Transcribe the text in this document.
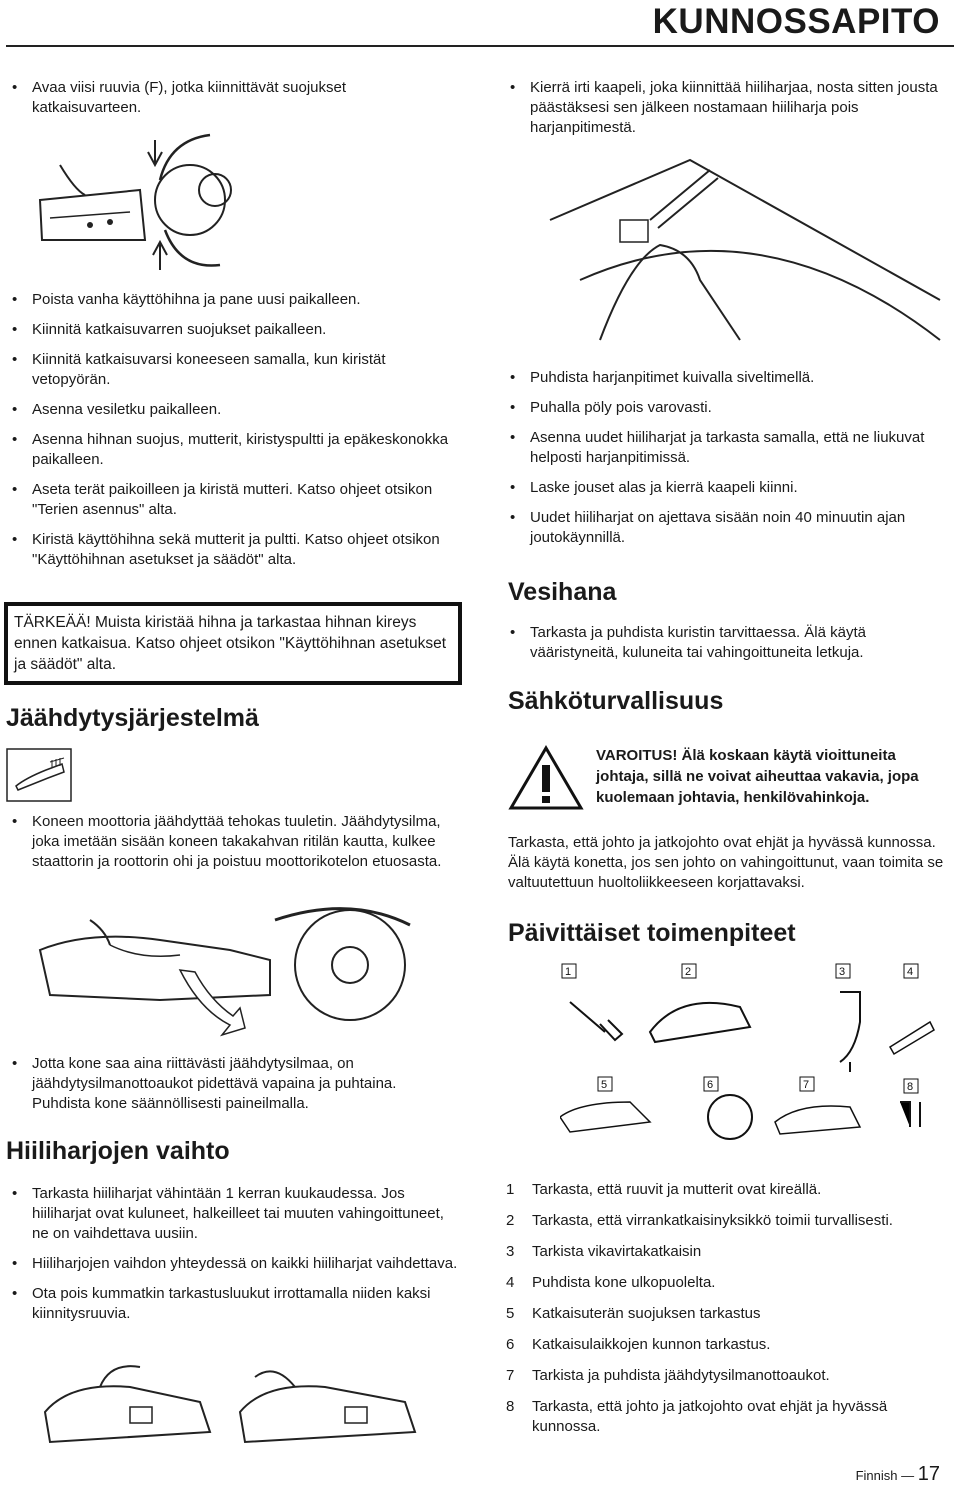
KUNNOSSAPITO
• Avaa viisi ruuvia (F), jotka kiinnittävät suojukset katkaisuvarteen.
• Poista vanha käyttöhihna ja pane uusi paikalleen.
• Kiinnitä katkaisuvarren suojukset paikalleen.
• Kiinnitä katkaisuvarsi koneeseen samalla, kun kiristät vetopyörän.
• Asenna vesiletku paikalleen.
• Asenna hihnan suojus, mutterit, kiristyspultti ja epäkeskonokka paikalleen.
• Aseta terät paikoilleen ja kiristä mutteri. Katso ohjeet otsikon "Terien asennus" alta.
• Kiristä käyttöhihna sekä mutterit ja pultti. Katso ohjeet otsikon "Käyttöhihnan asetukset ja säädöt" alta.
TÄRKEÄÄ! Muista kiristää hihna ja tarkastaa hihnan kireys ennen katkaisua. Katso ohjeet otsikon "Käyttöhihnan asetukset ja säädöt" alta.
Jäähdytysjärjestelmä
• Koneen moottoria jäähdyttää tehokas tuuletin. Jäähdytysilma, joka imetään sisään koneen takakahvan ritilän kautta, kulkee staattorin ja roottorin ohi ja poistuu moottorikotelon etuosasta.
• Jotta kone saa aina riittävästi jäähdytysilmaa, on jäähdytysilmanottoaukot pidettävä vapaina ja puhtaina. Puhdista kone säännöllisesti paineilmalla.
Hiiliharjojen vaihto
• Tarkasta hiiliharjat vähintään 1 kerran kuukaudessa. Jos hiiliharjat ovat kuluneet, halkeilleet tai muuten vahingoittuneet, ne on vaihdettava uusiin.
• Hiiliharjojen vaihdon yhteydessä on kaikki hiiliharjat vaihdettava.
• Ota pois kummatkin tarkastusluukut irrottamalla niiden kaksi kiinnitysruuvia.
• Kierrä irti kaapeli, joka kiinnittää hiiliharjaa, nosta sitten jousta päästäksesi sen jälkeen nostamaan hiiliharja pois harjanpitimestä.
• Puhdista harjanpitimet kuivalla siveltimellä.
• Puhalla pöly pois varovasti.
• Asenna uudet hiiliharjat ja tarkasta samalla, että ne liukuvat helposti harjanpitimissä.
• Laske jouset alas ja kierrä kaapeli kiinni.
• Uudet hiiliharjat on ajettava sisään noin 40 minuutin ajan joutokäynnillä.
Vesihana
• Tarkasta ja puhdista kuristin tarvittaessa. Älä käytä vääristyneitä, kuluneita tai vahingoittuneita letkuja.
Sähköturvallisuus
VAROITUS! Älä koskaan käytä vioittuneita johtaja, sillä ne voivat aiheuttaa vakavia, jopa kuolemaan johtavia, henkilövahinkoja.
Tarkasta, että johto ja jatkojohto ovat ehjät ja hyvässä kunnossa. Älä käytä konetta, jos sen johto on vahingoittunut, vaan toimita se valtuutettuun huoltoliikkeeseen korjattavaksi.
Päivittäiset toimenpiteet
1	2	3	4
5	6	7	8
1	Tarkasta, että ruuvit ja mutterit ovat kireällä.
2	Tarkasta, että virrankatkaisinyksikkö toimii turvallisesti.
3	Tarkista vikavirtakatkaisin
4	Puhdista kone ulkopuolelta.
5	Katkaisuterän suojuksen tarkastus
6	Katkaisulaikkojen kunnon tarkastus.
7	Tarkista ja puhdista jäähdytysilmanottoaukot.
8	Tarkasta, että johto ja jatkojohto ovat ehjät ja hyvässä kunnossa.
Finnish — 17
